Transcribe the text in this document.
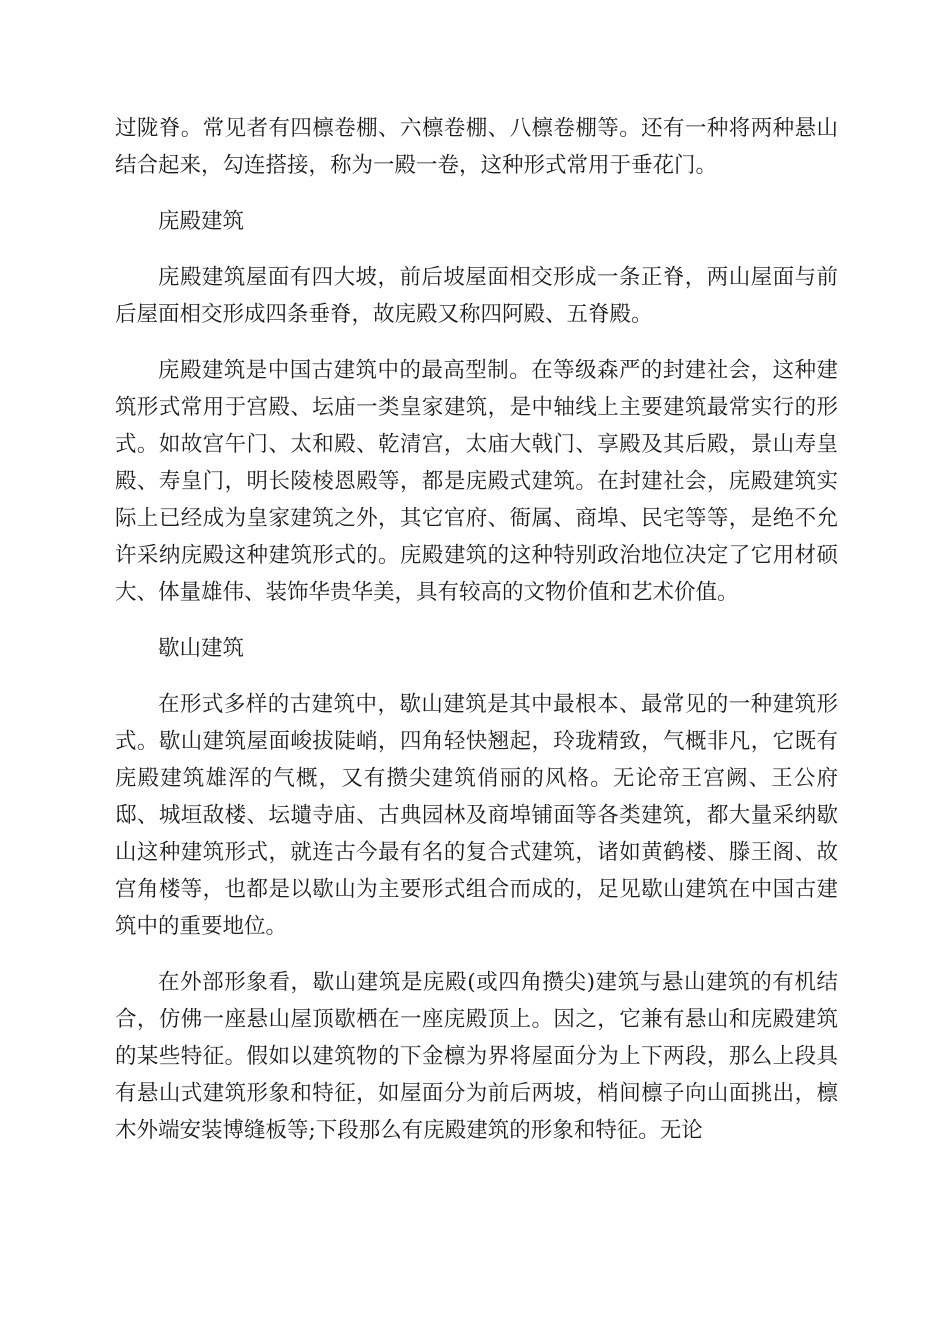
过陇脊。常见者有四檩卷棚、六檩卷棚、八檩卷棚等。还有一种将两种悬山结合起来，勾连搭接，称为一殿一卷，这种形式常用于垂花门。

庑殿建筑

庑殿建筑屋面有四大坡，前后坡屋面相交形成一条正脊，两山屋面与前后屋面相交形成四条垂脊，故庑殿又称四阿殿、五脊殿。

庑殿建筑是中国古建筑中的最高型制。在等级森严的封建社会，这种建筑形式常用于宫殿、坛庙一类皇家建筑，是中轴线上主要建筑最常实行的形式。如故宫午门、太和殿、乾清宫，太庙大戟门、享殿及其后殿，景山寿皇殿、寿皇门，明长陵棱恩殿等，都是庑殿式建筑。在封建社会，庑殿建筑实际上已经成为皇家建筑之外，其它官府、衙属、商埠、民宅等等，是绝不允许采纳庑殿这种建筑形式的。庑殿建筑的这种特别政治地位决定了它用材硕大、体量雄伟、装饰华贵华美，具有较高的文物价值和艺术价值。

歇山建筑

在形式多样的古建筑中，歇山建筑是其中最根本、最常见的一种建筑形式。歇山建筑屋面峻拔陡峭，四角轻快翘起，玲珑精致，气概非凡，它既有庑殿建筑雄浑的气概，又有攒尖建筑俏丽的风格。无论帝王宫阙、王公府邸、城垣敌楼、坛壝寺庙、古典园林及商埠铺面等各类建筑，都大量采纳歇山这种建筑形式，就连古今最有名的复合式建筑，诸如黄鹤楼、滕王阁、故宫角楼等，也都是以歇山为主要形式组合而成的，足见歇山建筑在中国古建筑中的重要地位。

在外部形象看，歇山建筑是庑殿(或四角攒尖)建筑与悬山建筑的有机结合，仿佛一座悬山屋顶歇栖在一座庑殿顶上。因之，它兼有悬山和庑殿建筑的某些特征。假如以建筑物的下金檩为界将屋面分为上下两段，那么上段具有悬山式建筑形象和特征，如屋面分为前后两坡，梢间檩子向山面挑出，檩木外端安装博缝板等;下段那么有庑殿建筑的形象和特征。无论
